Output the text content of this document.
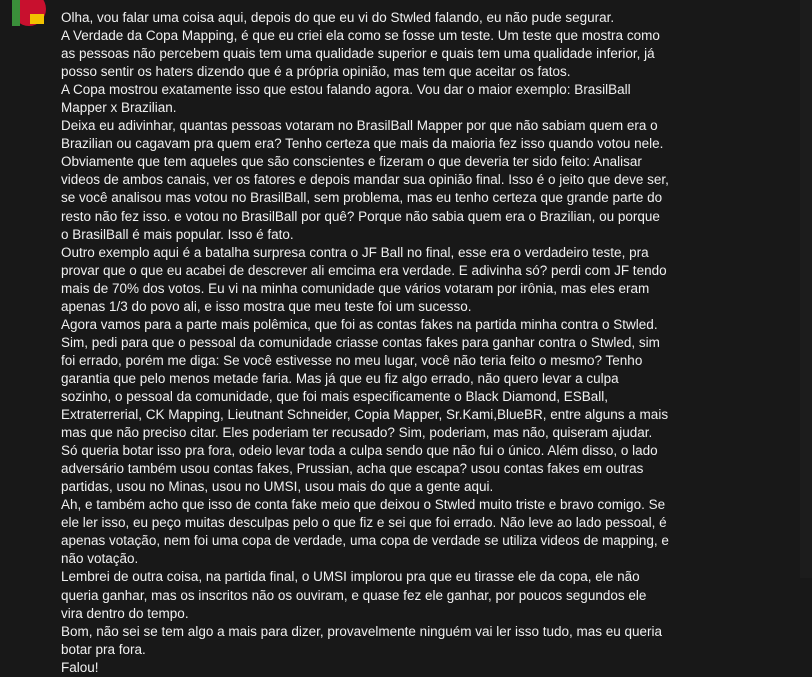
Olha, vou falar uma coisa aqui, depois do que eu vi do Stwled falando, eu não pude segurar.

A Verdade da Copa Mapping, é que eu criei ela como se fosse um teste. Um teste que mostra como as pessoas não percebem quais tem uma qualidade superior e quais tem uma qualidade inferior, já posso sentir os haters dizendo que é a própria opinião, mas tem que aceitar os fatos.

A Copa mostrou exatamente isso que estou falando agora. Vou dar o maior exemplo: BrasilBall Mapper x Brazilian.

Deixa eu adivinhar, quantas pessoas votaram no BrasilBall Mapper por que não sabiam quem era o Brazilian ou cagavam pra quem era? Tenho certeza que mais da maioria fez isso quando votou nele.

Obviamente que tem aqueles que são conscientes e fizeram o que deveria ter sido feito: Analisar videos de ambos canais, ver os fatores e depois mandar sua opinião final. Isso é o jeito que deve ser, se você analisou mas votou no BrasilBall, sem problema, mas eu tenho certeza que grande parte do resto não fez isso. e votou no BrasilBall por quê? Porque não sabia quem era o Brazilian, ou porque o BrasilBall é mais popular. Isso é fato.

Outro exemplo aqui é a batalha surpresa contra o JF Ball no final, esse era o verdadeiro teste, pra provar que o que eu acabei de descrever ali emcima era verdade. E adivinha só? perdi com JF tendo mais de 70% dos votos. Eu vi na minha comunidade que vários votaram por irônia, mas eles eram apenas 1/3 do povo ali, e isso mostra que meu teste foi um sucesso.

Agora vamos para a parte mais polêmica, que foi as contas fakes na partida minha contra o Stwled. Sim, pedi para que o pessoal da comunidade criasse contas fakes para ganhar contra o Stwled, sim foi errado, porém me diga: Se você estivesse no meu lugar, você não teria feito o mesmo? Tenho garantia que pelo menos metade faria. Mas já que eu fiz algo errado, não quero levar a culpa sozinho, o pessoal da comunidade, que foi mais especificamente o Black Diamond, ESBall, Extraterrerial, CK Mapping, Lieutnant Schneider, Copia Mapper, Sr.Kami,BlueBR, entre alguns a mais mas que não preciso citar. Eles poderiam ter recusado? Sim, poderiam, mas não, quiseram ajudar. Só queria botar isso pra fora, odeio levar toda a culpa sendo que não fui o único. Além disso, o lado adversário também usou contas fakes, Prussian, acha que escapa? usou contas fakes em outras partidas, usou no Minas, usou no UMSI, usou mais do que a gente aqui.

Ah, e também acho que isso de conta fake meio que deixou o Stwled muito triste e bravo comigo. Se ele ler isso, eu peço muitas desculpas pelo o que fiz e sei que foi errado. Não leve ao lado pessoal, é apenas votação, nem foi uma copa de verdade, uma copa de verdade se utiliza videos de mapping, e não votação.

Lembrei de outra coisa, na partida final, o UMSI implorou pra que eu tirasse ele da copa, ele não queria ganhar, mas os inscritos não os ouviram, e quase fez ele ganhar, por poucos segundos ele vira dentro do tempo.

Bom, não sei se tem algo a mais para dizer, provavelmente ninguém vai ler isso tudo, mas eu queria botar pra fora.

Falou!
